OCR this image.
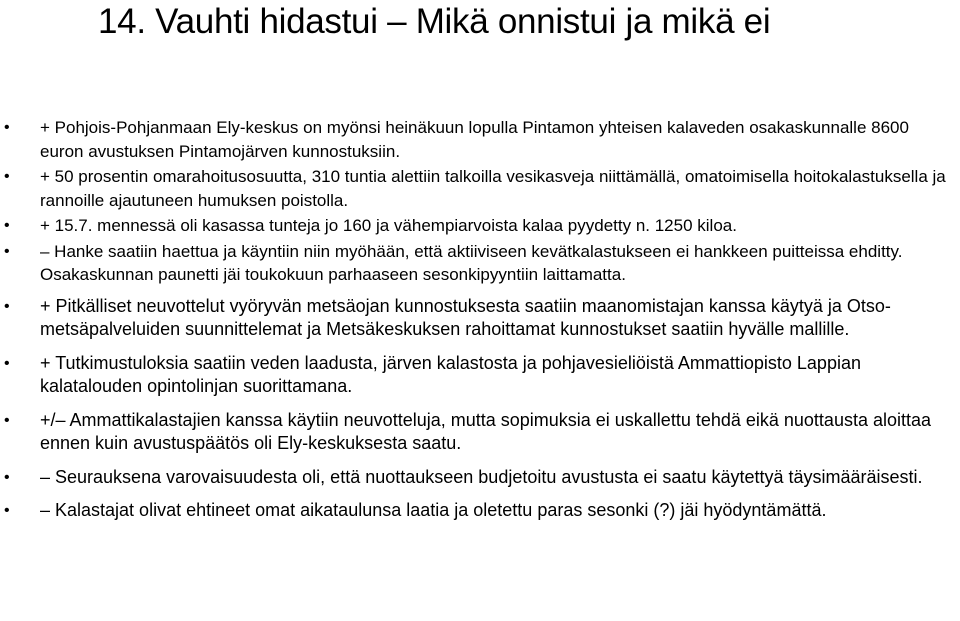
14. Vauhti hidastui – Mikä onnistui ja mikä ei
• + Pohjois-Pohjanmaan Ely-keskus on myönsi heinäkuun lopulla Pintamon yhteisen kalaveden osakaskunnalle 8600 euron avustuksen Pintamojärven kunnostuksiin.
• + 50 prosentin omarahoitusosuutta, 310 tuntia alettiin talkoilla vesikasveja niittämällä, omatoimisella hoitokalastuksella ja rannoille ajautuneen humuksen poistolla.
• + 15.7. mennessä oli kasassa tunteja jo 160 ja vähempiarvoista kalaa pyydetty n. 1250 kiloa.
• – Hanke saatiin haettua ja käyntiin niin myöhään, että aktiiviseen kevätkalastukseen ei hankkeen puitteissa ehditty. Osakaskunnan paunetti jäi toukokuun parhaaseen sesonkipyyntiin laittamatta.
• + Pitkälliset neuvottelut vyöryvän metsäojan kunnostuksesta saatiin maanomistajan kanssa käytyä ja Otso-metsäpalveluiden suunnittelemat ja Metsäkeskuksen rahoittamat kunnostukset saatiin hyvälle mallille.
• + Tutkimustuloksia saatiin veden laadusta, järven kalastosta ja pohjavesieliöistä Ammattiopisto Lappian kalatalouden opintolinjan suorittamana.
• +/– Ammattikalastajien kanssa käytiin neuvotteluja, mutta sopimuksia ei uskallettu tehdä eikä nuottausta aloittaa ennen kuin avustuspäätös oli Ely-keskuksesta saatu.
• – Seurauksena varovaisuudesta oli, että nuottaukseen budjetoitu avustusta ei saatu käytettyä täysimääräisesti.
• – Kalastajat olivat ehtineet omat aikataulunsa laatia ja oletettu paras sesonki (?) jäi hyödyntämättä.
